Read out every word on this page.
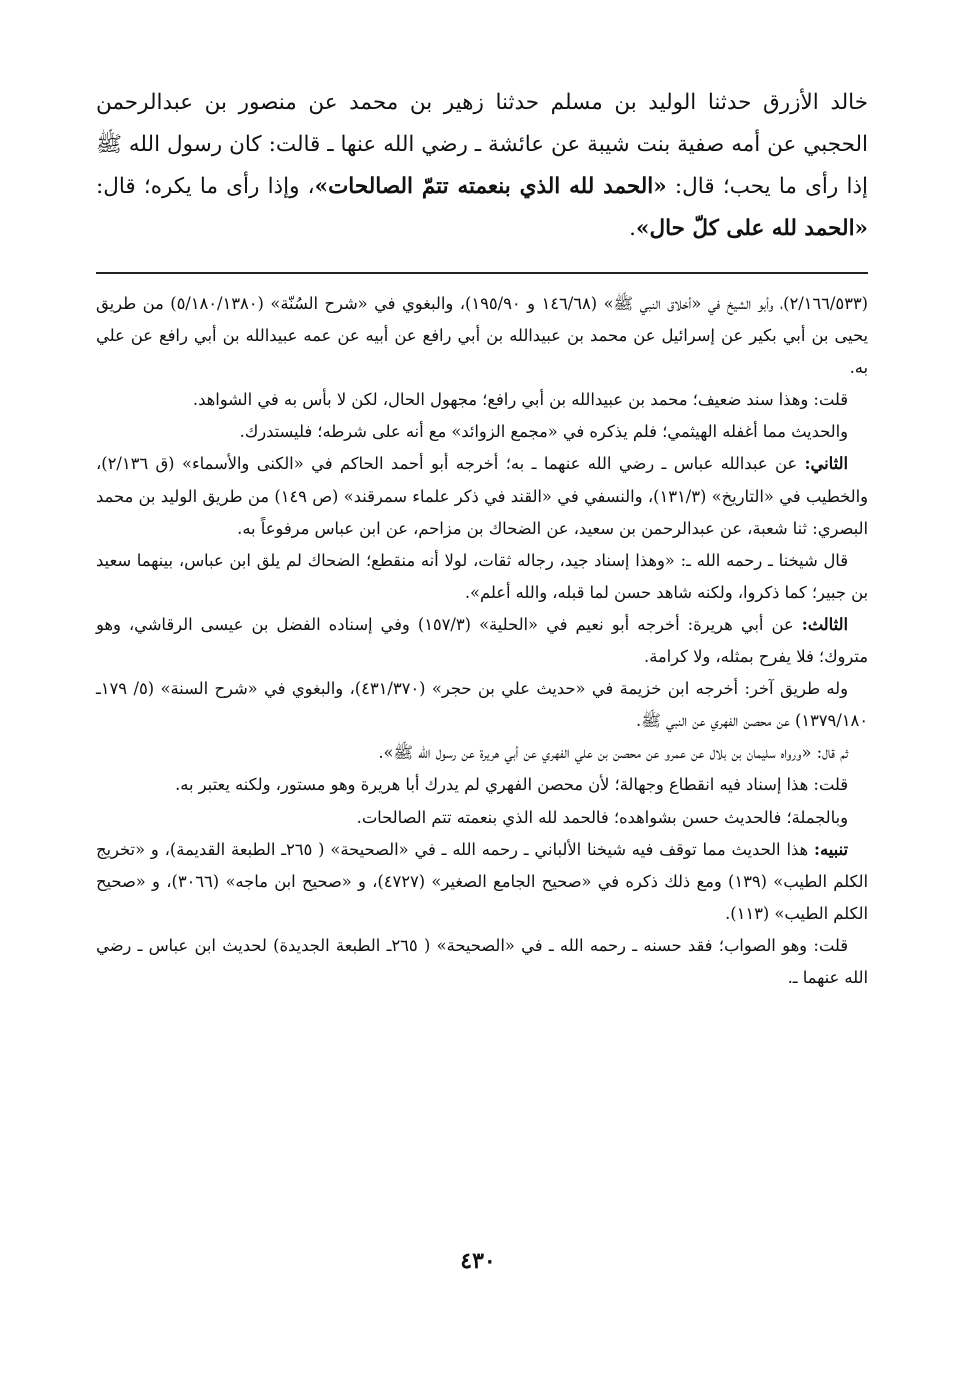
خالد الأزرق حدثنا الوليد بن مسلم حدثنا زهير بن محمد عن منصور بن عبدالرحمن الحجبي عن أمه صفية بنت شيبة عن عائشة ـ رضي الله عنها ـ قالت: كان رسول الله ﷺ إذا رأى ما يحب؛ قال: «الحمد لله الذي بنعمته تتمّ الصالحات»، وإذا رأى ما يكره؛ قال: «الحمد لله على كلّ حال».

(٢/١٦٦/٥٣٣)، وأبو الشيخ في «أخلاق النبي ﷺ» (١٤٦/٦٨ و ١٩٥/٩٠)، والبغوي في «شرح السُنّة» (٥/١٨٠/١٣٨٠) من طريق يحيى بن أبي بكير عن إسرائيل عن محمد بن عبيدالله بن أبي رافع عن أبيه عن عمه عبيدالله بن أبي رافع عن علي به.

قلت: وهذا سند ضعيف؛ محمد بن عبيدالله بن أبي رافع؛ مجهول الحال، لكن لا بأس به في الشواهد.

والحديث مما أغفله الهيثمي؛ فلم يذكره في «مجمع الزوائد» مع أنه على شرطه؛ فليستدرك.

الثاني: عن عبدالله عباس ـ رضي الله عنهما ـ به؛ أخرجه أبو أحمد الحاكم في «الكنى والأسماء» (ق ٢/١٣٦)، والخطيب في «التاريخ» (١٣١/٣)، والنسفي في «القند في ذكر علماء سمرقند» (ص ١٤٩) من طريق الوليد بن محمد البصري: ثنا شعبة، عن عبدالرحمن بن سعيد، عن الضحاك بن مزاحم، عن ابن عباس مرفوعاً به.

قال شيخنا ـ رحمه الله ـ: «وهذا إسناد جيد، رجاله ثقات، لولا أنه منقطع؛ الضحاك لم يلق ابن عباس، بينهما سعيد بن جبير؛ كما ذكروا، ولكنه شاهد حسن لما قبله، والله أعلم».

الثالث: عن أبي هريرة: أخرجه أبو نعيم في «الحلية» (١٥٧/٣) وفي إسناده الفضل بن عيسى الرقاشي، وهو متروك؛ فلا يفرح بمثله، ولا كرامة.

وله طريق آخر: أخرجه ابن خزيمة في «حديث علي بن حجر» (٤٣١/٣٧٠)، والبغوي في «شرح السنة» (٥/ ١٧٩ـ ١٣٧٩/١٨٠) عن محصن الفهري عن النبي ﷺ.

ثم قال: «ورواه سليمان بن بلال عن عمرو عن محصن بن علي الفهري عن أبي هريرة عن رسول الله ﷺ».

قلت: هذا إسناد فيه انقطاع وجهالة؛ لأن محصن الفهري لم يدرك أبا هريرة وهو مستور، ولكنه يعتبر به.

وبالجملة؛ فالحديث حسن بشواهده؛ فالحمد لله الذي بنعمته تتم الصالحات.

تنبيه: هذا الحديث مما توقف فيه شيخنا الألباني ـ رحمه الله ـ في «الصحيحة» ( ٢٦٥ـ الطبعة القديمة)، و «تخريج الكلم الطيب» (١٣٩) ومع ذلك ذكره في «صحيح الجامع الصغير» (٤٧٢٧)، و «صحيح ابن ماجه» (٣٠٦٦)، و «صحيح الكلم الطيب» (١١٣).

قلت: وهو الصواب؛ فقد حسنه ـ رحمه الله ـ في «الصحيحة» ( ٢٦٥ـ الطبعة الجديدة) لحديث ابن عباس ـ رضي الله عنهما ـ.

٤٣٠
